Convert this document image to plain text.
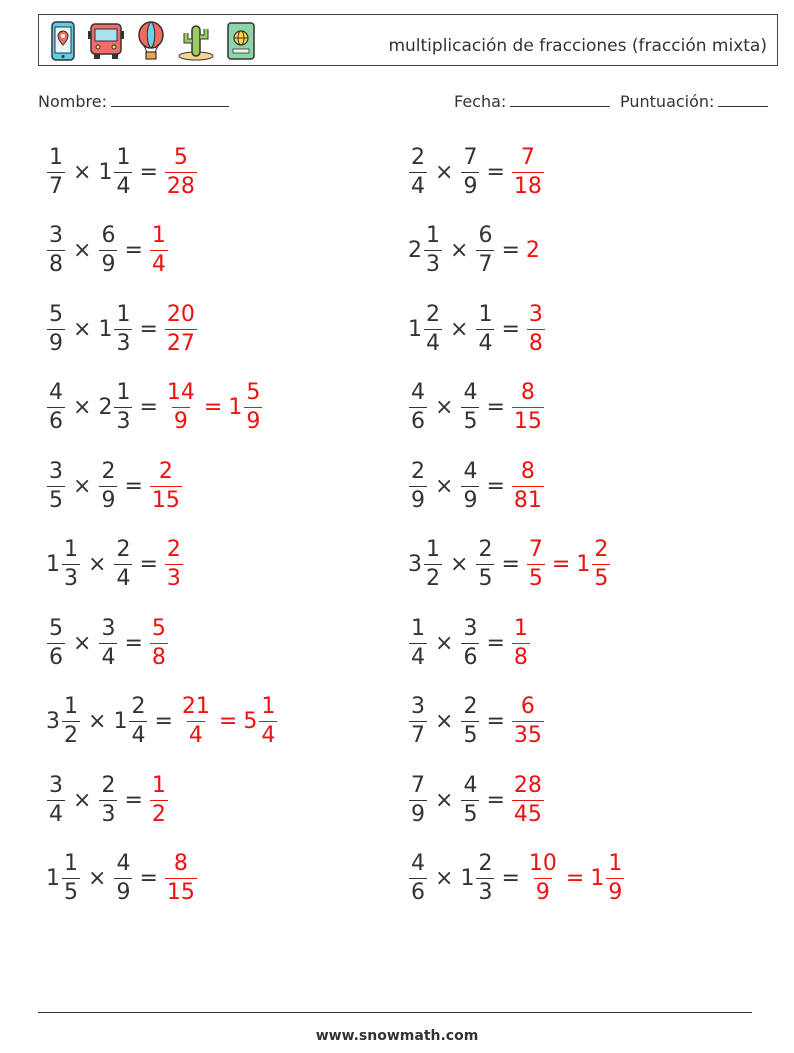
multiplicación de fracciones (fracción mixta)
Nombre:	Fecha:	Puntuación:
$\frac{1}{7} \times 1 \frac{1}{4} = \frac{5}{28}$	$\frac{2}{4} \times \frac{7}{9} = \frac{7}{18}$
$\frac{3}{8} \times \frac{6}{9} = \frac{1}{4}$	$2 \frac{1}{3} \times \frac{6}{7} = 2$
$\frac{5}{9} \times 1 \frac{1}{3} = \frac{20}{27}$	$1 \frac{2}{4} \times \frac{1}{4} = \frac{3}{8}$
$\frac{4}{6} \times 2 \frac{1}{3} = \frac{14}{9} = 1 \frac{5}{9}$	$\frac{4}{6} \times \frac{4}{5} = \frac{8}{15}$
$\frac{3}{5} \times \frac{2}{9} = \frac{2}{15}$	$\frac{2}{9} \times \frac{4}{9} = \frac{8}{81}$
$1 \frac{1}{3} \times \frac{2}{4} = \frac{2}{3}$	$3 \frac{1}{2} \times \frac{2}{5} = \frac{7}{5} = 1 \frac{2}{5}$
$\frac{5}{6} \times \frac{3}{4} = \frac{5}{8}$	$\frac{1}{4} \times \frac{3}{6} = \frac{1}{8}$
$3 \frac{1}{2} \times 1 \frac{2}{4} = \frac{21}{4} = 5 \frac{1}{4}$	$\frac{3}{7} \times \frac{2}{5} = \frac{6}{35}$
$\frac{3}{4} \times \frac{2}{3} = \frac{1}{2}$	$\frac{7}{9} \times \frac{4}{5} = \frac{28}{45}$
$1 \frac{1}{5} \times \frac{4}{9} = \frac{8}{15}$	$\frac{4}{6} \times 1 \frac{2}{3} = \frac{10}{9} = 1 \frac{1}{9}$
www.snowmath.com
